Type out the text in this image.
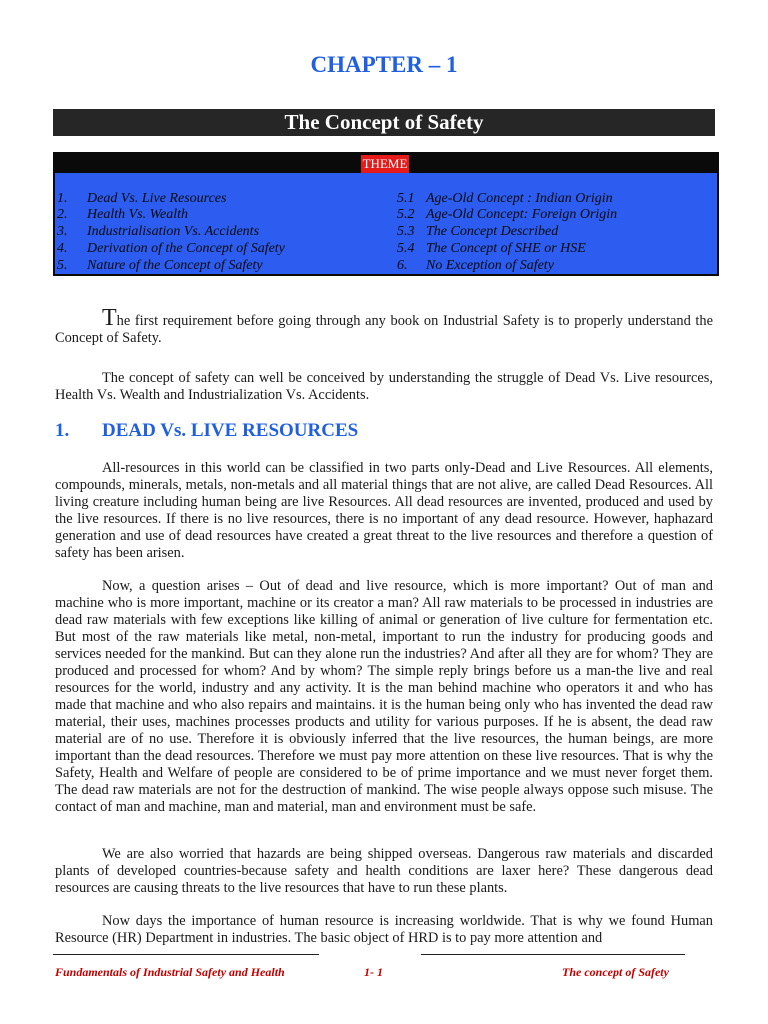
CHAPTER – 1
The Concept of Safety
THEME
1. Dead Vs. Live Resources	5.1 Age-Old Concept : Indian Origin
2. Health Vs. Wealth	5.2 Age-Old Concept: Foreign Origin
3. Industrialisation Vs. Accidents	5.3 The Concept Described
4. Derivation of the Concept of Safety	5.4 The Concept of SHE or HSE
5. Nature of the Concept of Safety	6. No Exception of Safety

The first requirement before going through any book on Industrial Safety is to properly understand the Concept of Safety.

The concept of safety can well be conceived by understanding the struggle of Dead Vs. Live resources, Health Vs. Wealth and Industrialization Vs. Accidents.

1. DEAD Vs. LIVE RESOURCES

All-resources in this world can be classified in two parts only-Dead and Live Resources. All elements, compounds, minerals, metals, non-metals and all material things that are not alive, are called Dead Resources. All living creature including human being are live Resources. All dead resources are invented, produced and used by the live resources. If there is no live resources, there is no important of any dead resource. However, haphazard generation and use of dead resources have created a great threat to the live resources and therefore a question of safety has been arisen.

Now, a question arises – Out of dead and live resource, which is more important? Out of man and machine who is more important, machine or its creator a man? All raw materials to be processed in industries are dead raw materials with few exceptions like killing of animal or generation of live culture for fermentation etc. But most of the raw materials like metal, non-metal, important to run the industry for producing goods and services needed for the mankind. But can they alone run the industries? And after all they are for whom? They are produced and processed for whom? And by whom? The simple reply brings before us a man-the live and real resources for the world, industry and any activity. It is the man behind machine who operators it and who has made that machine and who also repairs and maintains. it is the human being only who has invented the dead raw material, their uses, machines processes products and utility for various purposes. If he is absent, the dead raw material are of no use. Therefore it is obviously inferred that the live resources, the human beings, are more important than the dead resources. Therefore we must pay more attention on these live resources. That is why the Safety, Health and Welfare of people are considered to be of prime importance and we must never forget them. The dead raw materials are not for the destruction of mankind. The wise people always oppose such misuse. The contact of man and machine, man and material, man and environment must be safe.

We are also worried that hazards are being shipped overseas. Dangerous raw materials and discarded plants of developed countries-because safety and health conditions are laxer here? These dangerous dead resources are causing threats to the live resources that have to run these plants.

Now days the importance of human resource is increasing worldwide. That is why we found Human Resource (HR) Department in industries. The basic object of HRD is to pay more attention and

Fundamentals of Industrial Safety and Health	1- 1	The concept of Safety
